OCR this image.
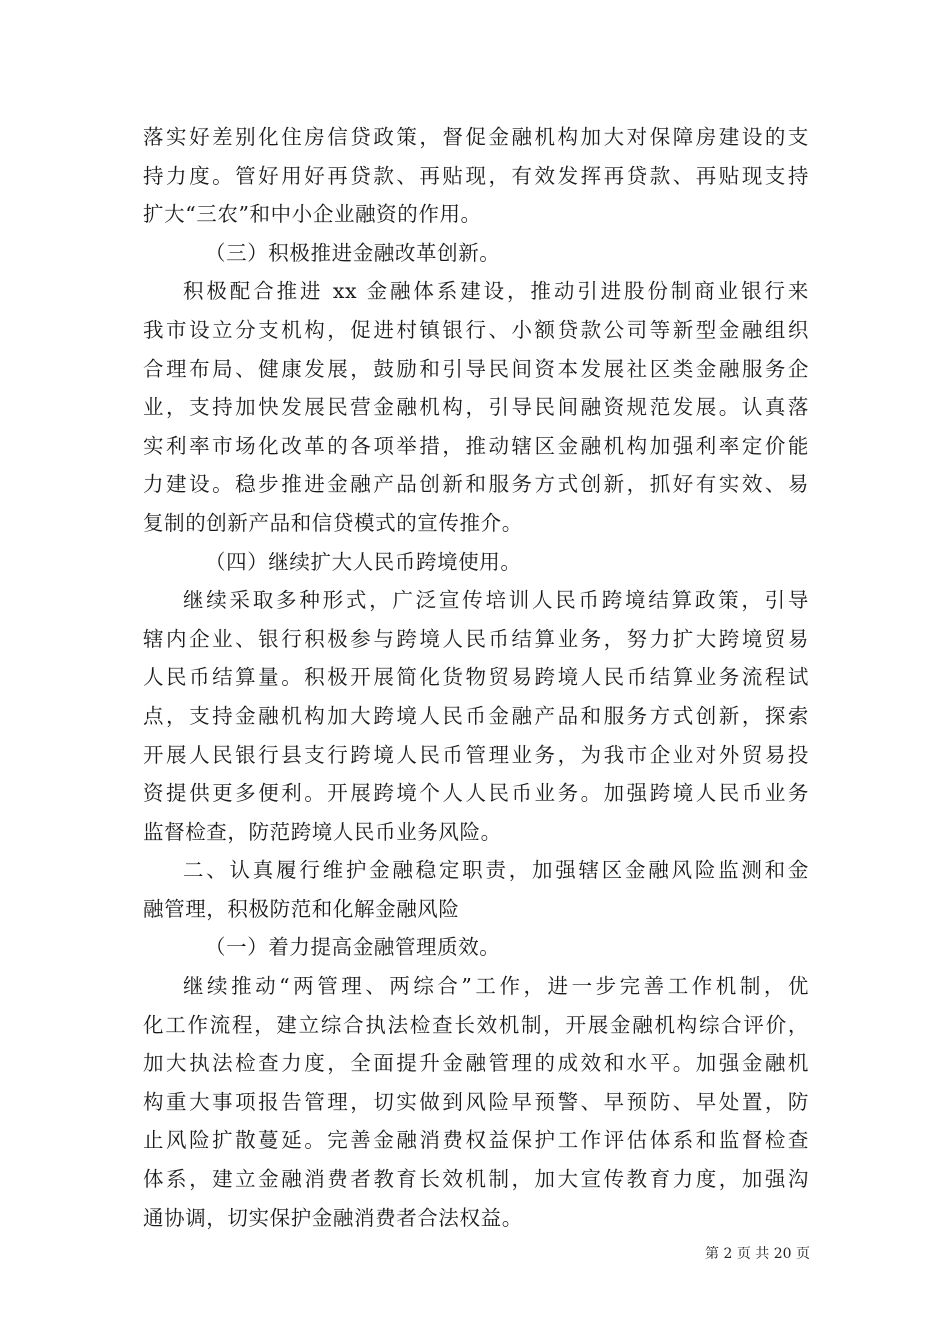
落实好差别化住房信贷政策，督促金融机构加大对保障房建设的支
持力度。管好用好再贷款、再贴现，有效发挥再贷款、再贴现支持
扩大“三农”和中小企业融资的作用。
（三）积极推进金融改革创新。
积极配合推进 xx 金融体系建设，推动引进股份制商业银行来
我市设立分支机构，促进村镇银行、小额贷款公司等新型金融组织
合理布局、健康发展，鼓励和引导民间资本发展社区类金融服务企
业，支持加快发展民营金融机构，引导民间融资规范发展。认真落
实利率市场化改革的各项举措，推动辖区金融机构加强利率定价能
力建设。稳步推进金融产品创新和服务方式创新，抓好有实效、易
复制的创新产品和信贷模式的宣传推介。
（四）继续扩大人民币跨境使用。
继续采取多种形式，广泛宣传培训人民币跨境结算政策，引导
辖内企业、银行积极参与跨境人民币结算业务，努力扩大跨境贸易
人民币结算量。积极开展简化货物贸易跨境人民币结算业务流程试
点，支持金融机构加大跨境人民币金融产品和服务方式创新，探索
开展人民银行县支行跨境人民币管理业务，为我市企业对外贸易投
资提供更多便利。开展跨境个人人民币业务。加强跨境人民币业务
监督检查，防范跨境人民币业务风险。
二、认真履行维护金融稳定职责，加强辖区金融风险监测和金
融管理，积极防范和化解金融风险
（一）着力提高金融管理质效。
继续推动“两管理、两综合”工作，进一步完善工作机制，优
化工作流程，建立综合执法检查长效机制，开展金融机构综合评价，
加大执法检查力度，全面提升金融管理的成效和水平。加强金融机
构重大事项报告管理，切实做到风险早预警、早预防、早处置，防
止风险扩散蔓延。完善金融消费权益保护工作评估体系和监督检查
体系，建立金融消费者教育长效机制，加大宣传教育力度，加强沟
通协调，切实保护金融消费者合法权益。
第 2 页 共 20 页
